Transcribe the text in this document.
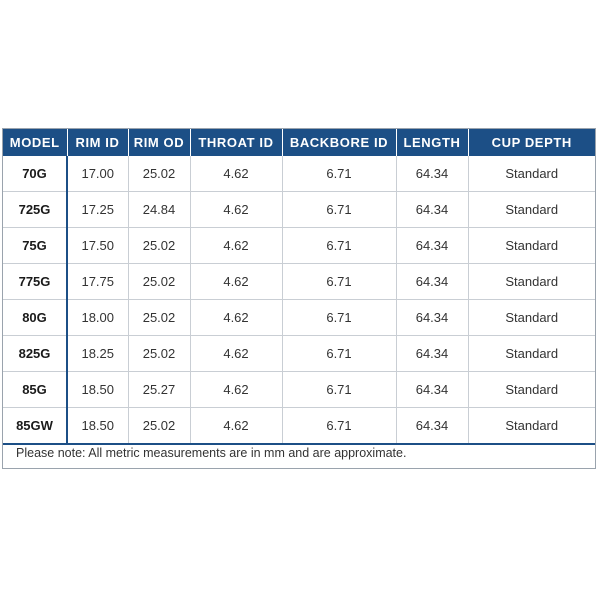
MODEL	RIM ID	RIM OD	THROAT ID	BACKBORE ID	LENGTH	CUP DEPTH
70G	17.00	25.02	4.62	6.71	64.34	Standard
725G	17.25	24.84	4.62	6.71	64.34	Standard
75G	17.50	25.02	4.62	6.71	64.34	Standard
775G	17.75	25.02	4.62	6.71	64.34	Standard
80G	18.00	25.02	4.62	6.71	64.34	Standard
825G	18.25	25.02	4.62	6.71	64.34	Standard
85G	18.50	25.27	4.62	6.71	64.34	Standard
85GW	18.50	25.02	4.62	6.71	64.34	Standard
Please note: All metric measurements are in mm and are approximate.
